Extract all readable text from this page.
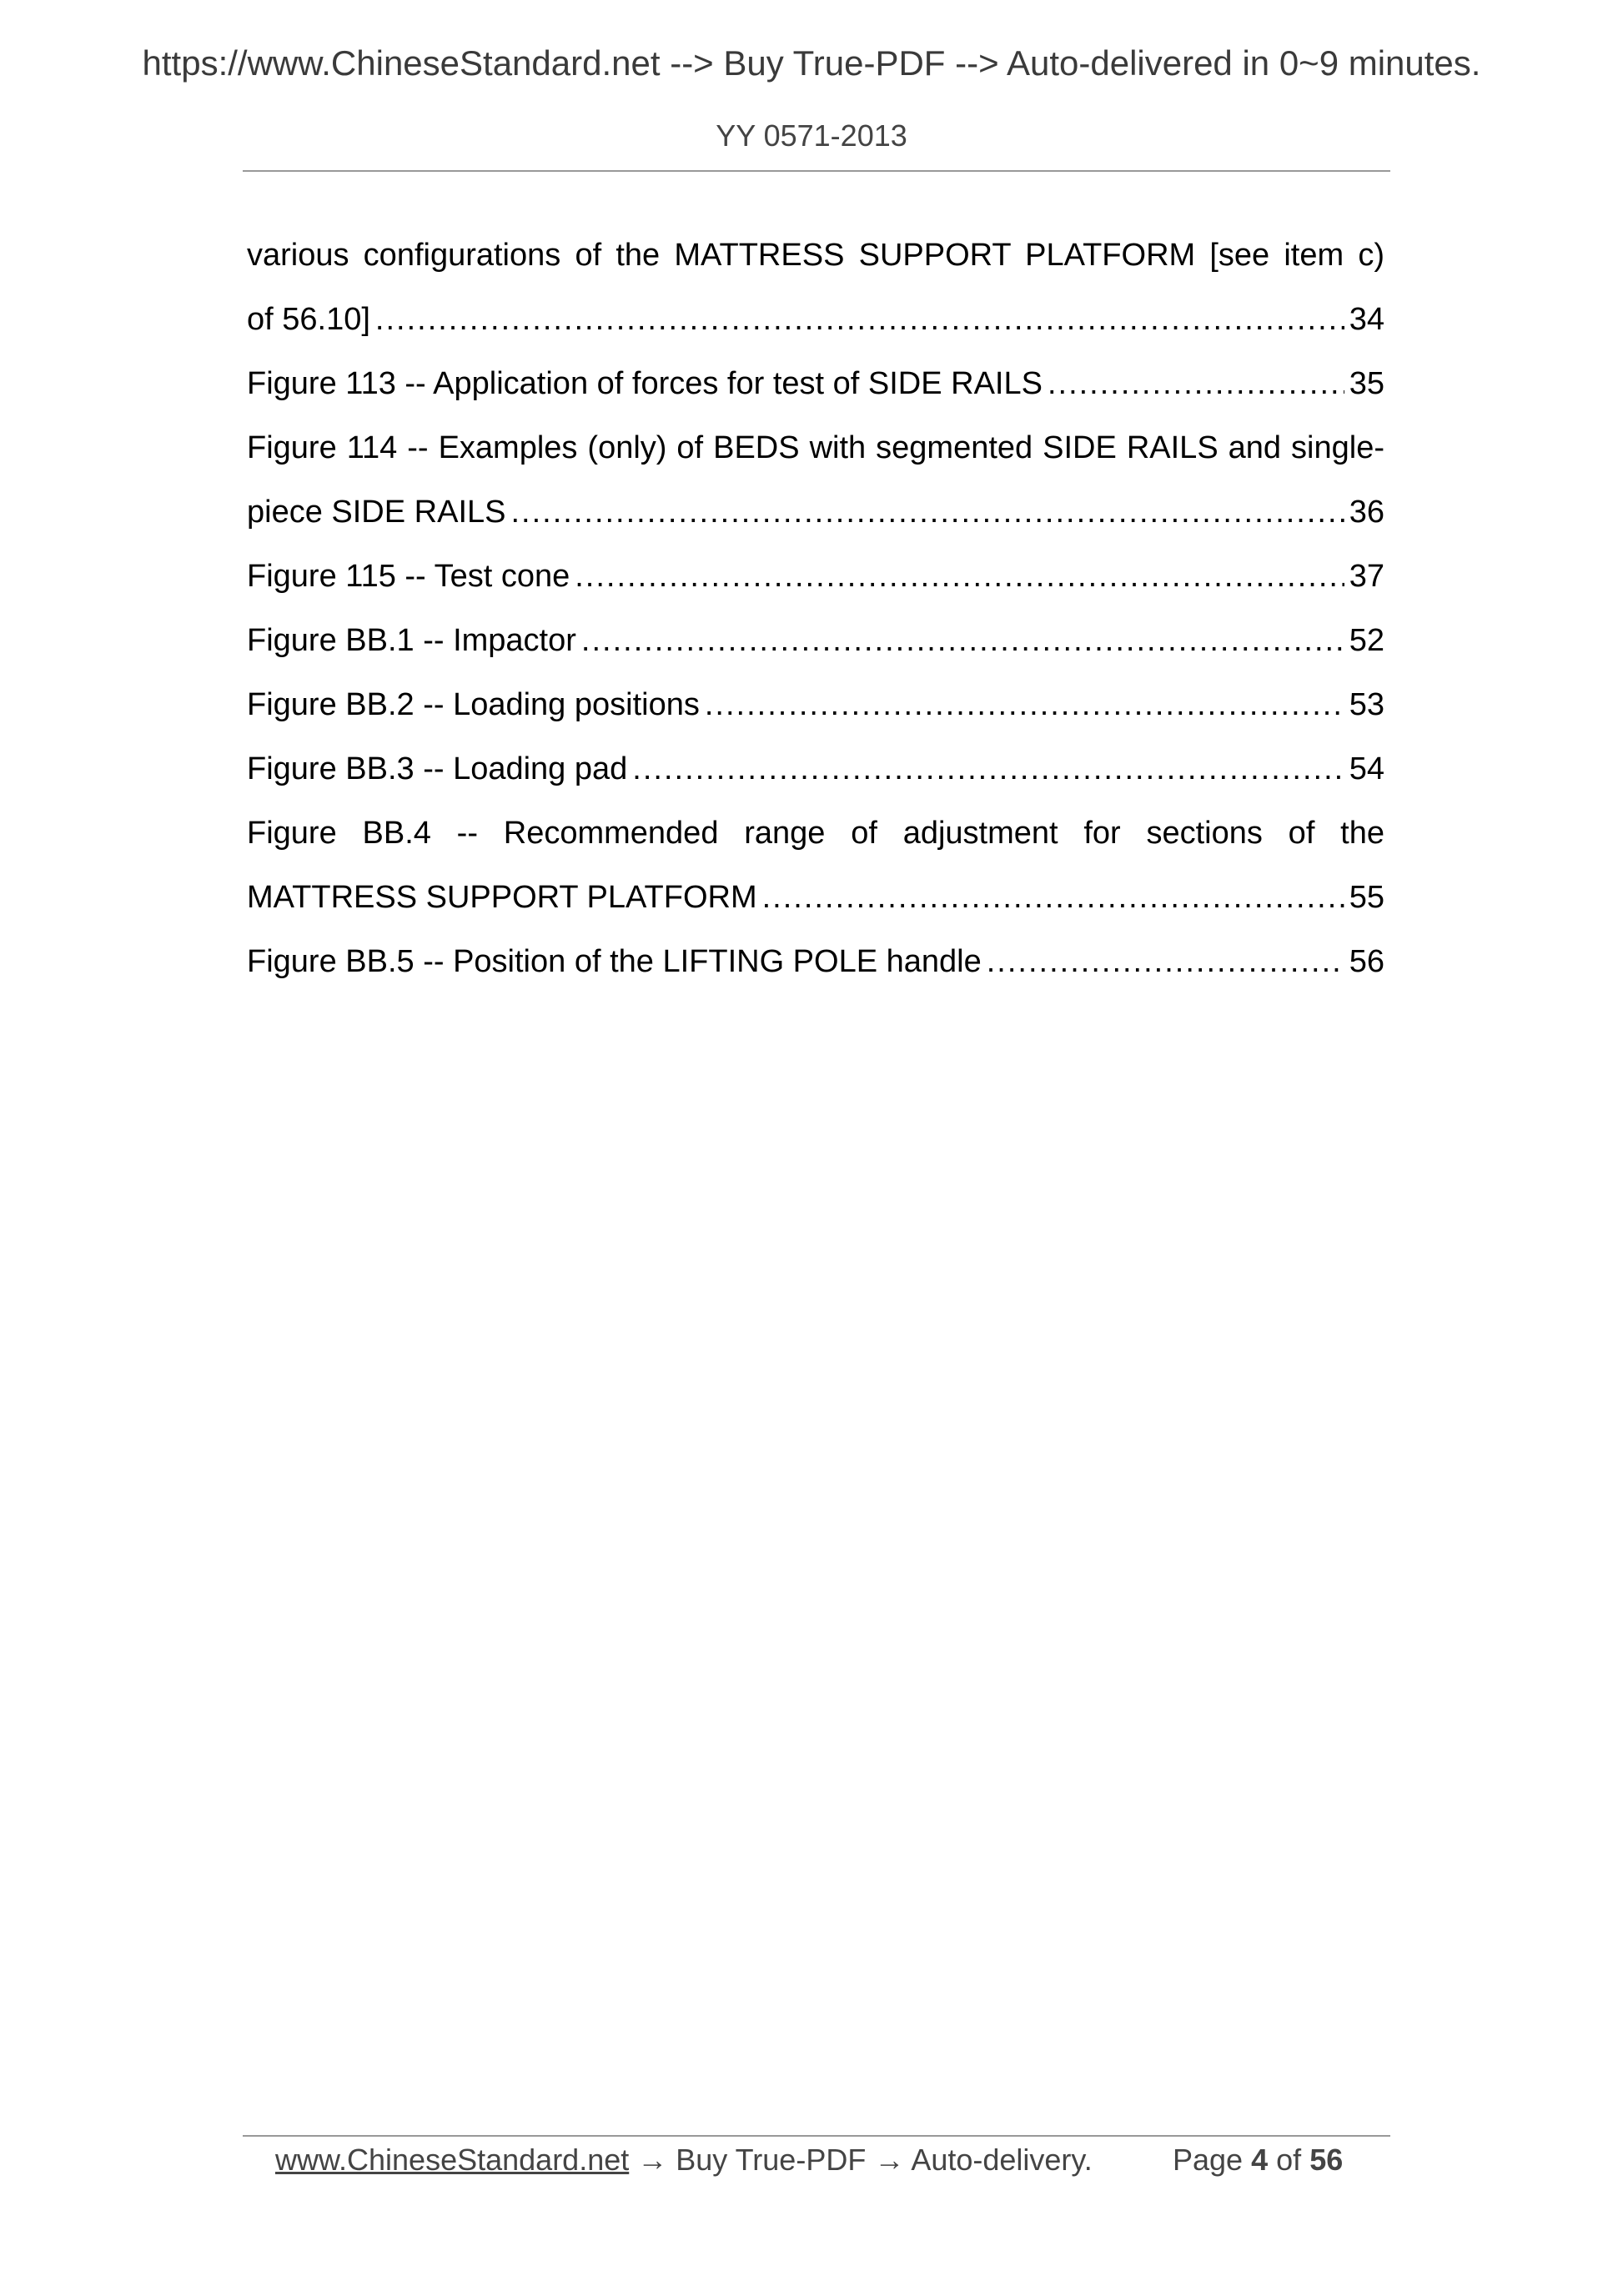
https://www.ChineseStandard.net --> Buy True-PDF --> Auto-delivered in 0~9 minutes.
YY 0571-2013
various configurations of the MATTRESS SUPPORT PLATFORM [see item c)
of 56.10] .....	34
Figure 113 -- Application of forces for test of SIDE RAILS .....	35
Figure 114 -- Examples (only) of BEDS with segmented SIDE RAILS and single-
piece SIDE RAILS .....	36
Figure 115 -- Test cone .....	37
Figure BB.1 -- Impactor .....	52
Figure BB.2 -- Loading positions .....	53
Figure BB.3 -- Loading pad .....	54
Figure BB.4 -- Recommended range of adjustment for sections of the
MATTRESS SUPPORT PLATFORM .....	55
Figure BB.5 -- Position of the LIFTING POLE handle .....	56
www.ChineseStandard.net → Buy True-PDF → Auto-delivery.	Page 4 of 56
